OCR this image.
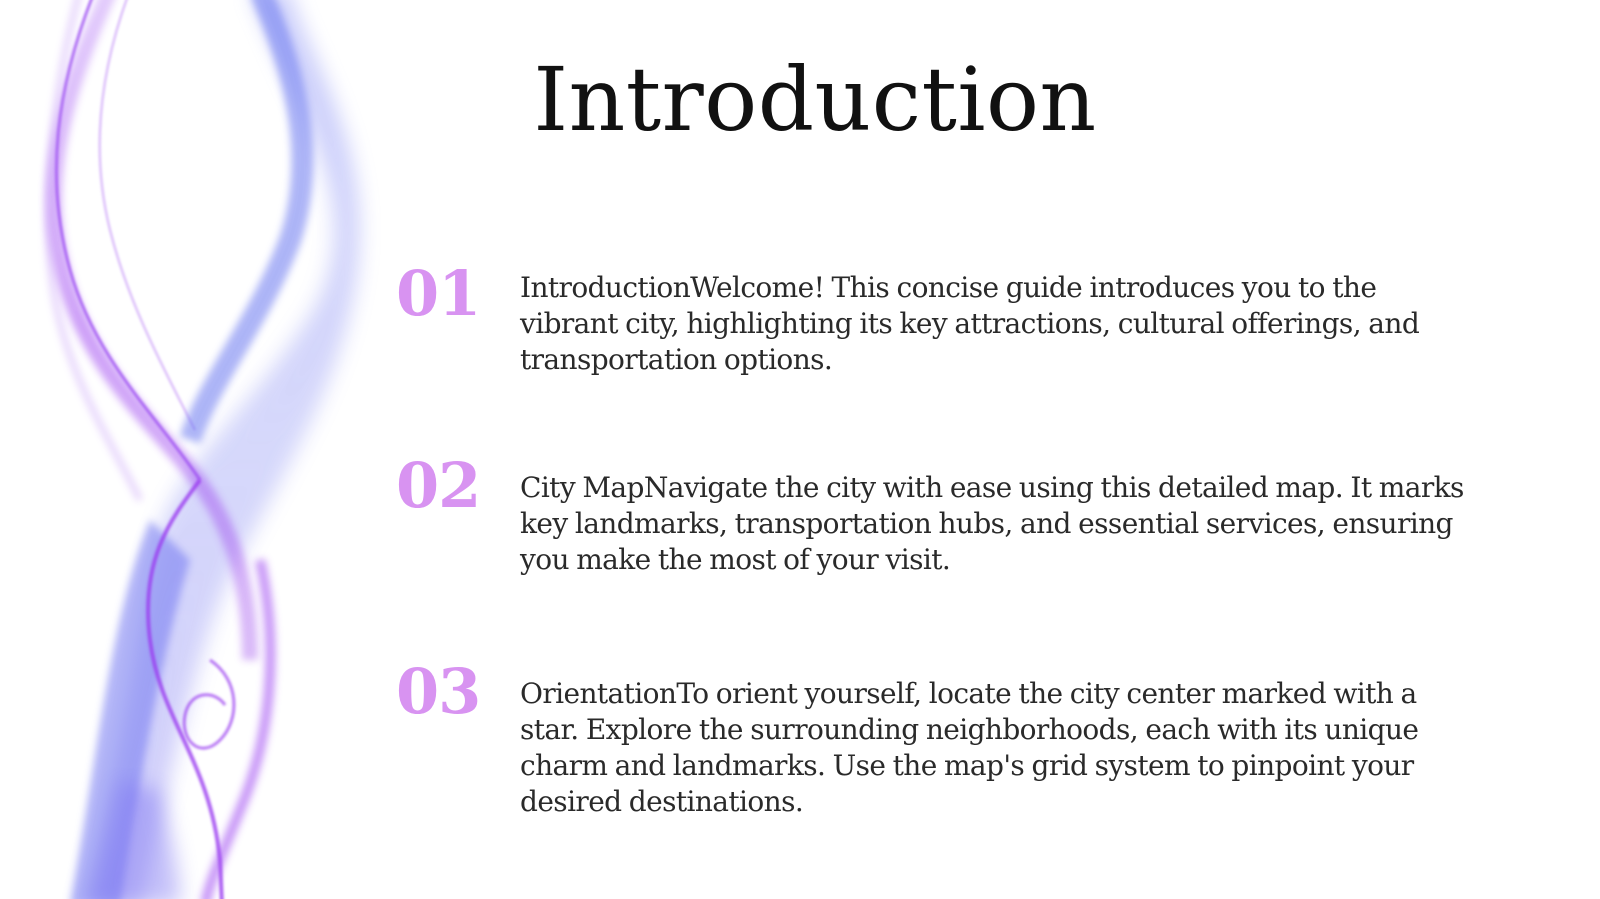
Introduction
01 IntroductionWelcome! This concise guide introduces you to the vibrant city, highlighting its key attractions, cultural offerings, and transportation options.

02 City MapNavigate the city with ease using this detailed map. It marks key landmarks, transportation hubs, and essential services, ensuring you make the most of your visit.

03 OrientationTo orient yourself, locate the city center marked with a star. Explore the surrounding neighborhoods, each with its unique charm and landmarks. Use the map's grid system to pinpoint your desired destinations.
